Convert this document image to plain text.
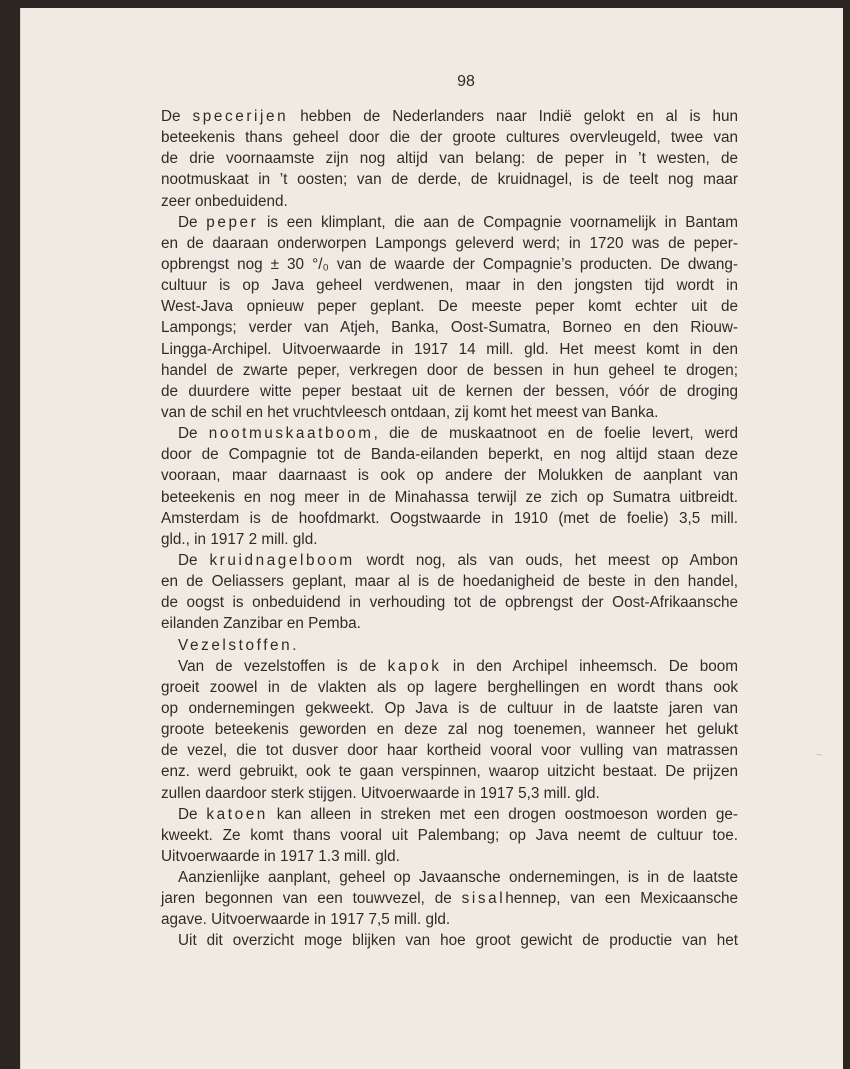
98
De specerijen hebben de Nederlanders naar Indië gelokt en al is hun
beteekenis thans geheel door die der groote cultures overvleugeld, twee van
de drie voornaamste zijn nog altijd van belang: de peper in ’t westen, de
nootmuskaat in ’t oosten; van de derde, de kruidnagel, is de teelt nog maar
zeer onbeduidend.
De peper is een klimplant, die aan de Compagnie voornamelijk in Bantam
en de daaraan onderworpen Lampongs geleverd werd; in 1720 was de peper-
opbrengst nog ± 30 °/₀ van de waarde der Compagnie’s producten. De dwang-
cultuur is op Java geheel verdwenen, maar in den jongsten tijd wordt in
West-Java opnieuw peper geplant. De meeste peper komt echter uit de
Lampongs; verder van Atjeh, Banka, Oost-Sumatra, Borneo en den Riouw-
Lingga-Archipel. Uitvoerwaarde in 1917 14 mill. gld. Het meest komt in den
handel de zwarte peper, verkregen door de bessen in hun geheel te drogen;
de duurdere witte peper bestaat uit de kernen der bessen, vóór de droging
van de schil en het vruchtvleesch ontdaan, zij komt het meest van Banka.
De nootmuskaatboom, die de muskaatnoot en de foelie levert, werd
door de Compagnie tot de Banda-eilanden beperkt, en nog altijd staan deze
vooraan, maar daarnaast is ook op andere der Molukken de aanplant van
beteekenis en nog meer in de Minahassa terwijl ze zich op Sumatra uitbreidt.
Amsterdam is de hoofdmarkt. Oogstwaarde in 1910 (met de foelie) 3,5 mill.
gld., in 1917 2 mill. gld.
De kruidnagelboom wordt nog, als van ouds, het meest op Ambon
en de Oeliassers geplant, maar al is de hoedanigheid de beste in den handel,
de oogst is onbeduidend in verhouding tot de opbrengst der Oost-Afrikaansche
eilanden Zanzibar en Pemba.
Vezelstoffen.
Van de vezelstoffen is de kapok in den Archipel inheemsch. De boom
groeit zoowel in de vlakten als op lagere berghellingen en wordt thans ook
op ondernemingen gekweekt. Op Java is de cultuur in de laatste jaren van
groote beteekenis geworden en deze zal nog toenemen, wanneer het gelukt
de vezel, die tot dusver door haar kortheid vooral voor vulling van matrassen
enz. werd gebruikt, ook te gaan verspinnen, waarop uitzicht bestaat. De prijzen
zullen daardoor sterk stijgen. Uitvoerwaarde in 1917 5,3 mill. gld.
De katoen kan alleen in streken met een drogen oostmoeson worden ge-
kweekt. Ze komt thans vooral uit Palembang; op Java neemt de cultuur toe.
Uitvoerwaarde in 1917 1.3 mill. gld.
Aanzienlijke aanplant, geheel op Javaansche ondernemingen, is in de laatste
jaren begonnen van een touwvezel, de sisalhennep, van een Mexicaansche
agave. Uitvoerwaarde in 1917 7,5 mill. gld.
Uit dit overzicht moge blijken van hoe groot gewicht de productie van het
~
